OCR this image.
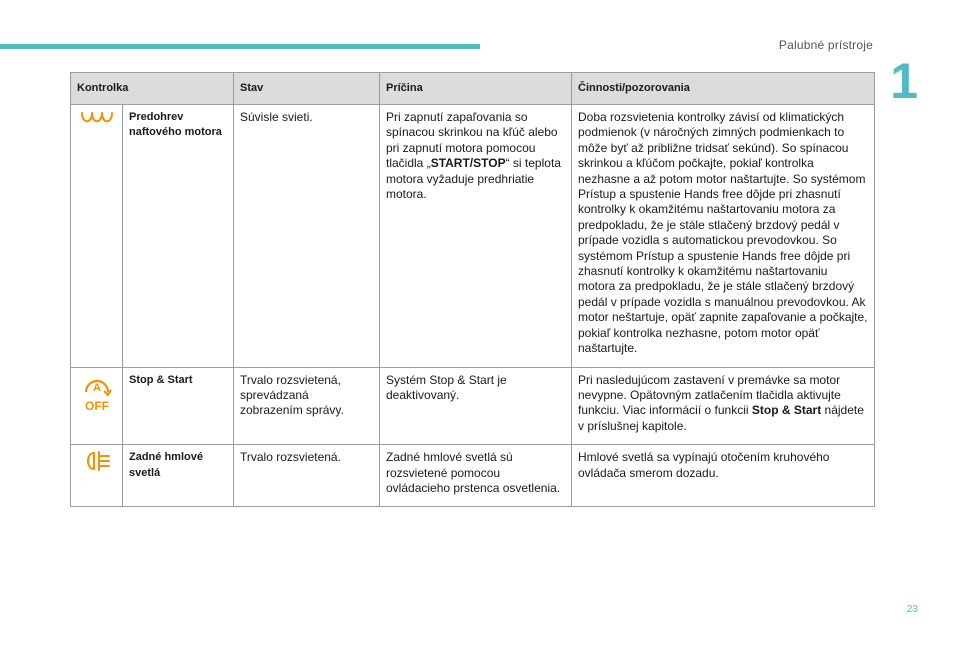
Palubné prístroje
1
Kontrolka		Stav	Príčina	Činnosti/pozorovania
	Predohrev naftového motora	Súvisle svieti.	Pri zapnutí zapaľovania so spínacou skrinkou na kľúč alebo pri zapnutí motora pomocou tlačidla „START/STOP“ si teplota motora vyžaduje predhriatie motora.	Doba rozsvietenia kontrolky závisí od klimatických podmienok (v náročných zimných podmienkach to môže byť až približne tridsať sekúnd). So spínacou skrinkou a kľúčom počkajte, pokiaľ kontrolka nezhasne a až potom motor naštartujte. So systémom Prístup a spustenie Hands free dôjde pri zhasnutí kontrolky k okamžitému naštartovaniu motora za predpokladu, že je stále stlačený brzdový pedál v prípade vozidla s automatickou prevodovkou. So systémom Prístup a spustenie Hands free dôjde pri zhasnutí kontrolky k okamžitému naštartovaniu motora za predpokladu, že je stále stlačený brzdový pedál v prípade vozidla s manuálnou prevodovkou. Ak motor neštartuje, opäť zapnite zapaľovanie a počkajte, pokiaľ kontrolka nezhasne, potom motor opäť naštartujte.

A
OFF	Stop & Start	Trvalo rozsvietená, sprevádzaná zobrazením správy.	Systém Stop & Start je deaktivovaný.	Pri nasledujúcom zastavení v premávke sa motor nevypne. Opätovným zatlačením tlačidla aktivujte funkciu. Viac informácií o funkcii Stop & Start nájdete v príslušnej kapitole.
	Zadné hmlové svetlá	Trvalo rozsvietená.	Zadné hmlové svetlá sú rozsvietené pomocou ovládacieho prstenca osvetlenia.	Hmlové svetlá sa vypínajú otočením kruhového ovládača smerom dozadu.
23
